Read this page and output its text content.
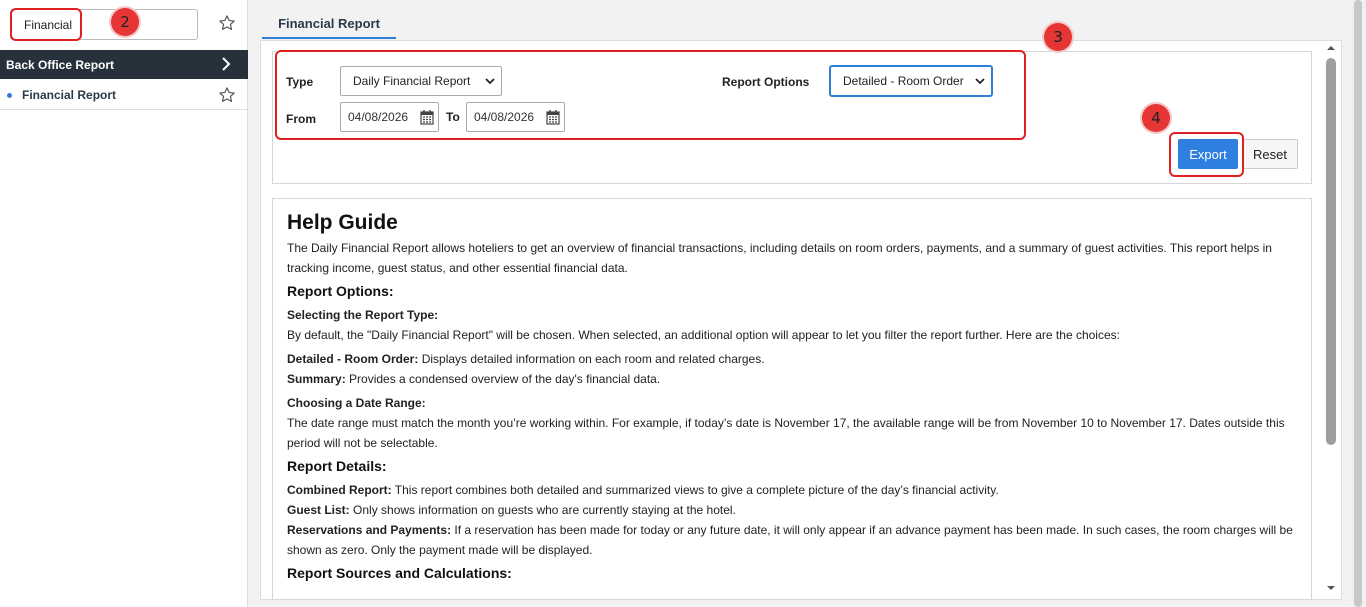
Financial
Back Office Report
Financial Report
Financial Report
Type	Daily Financial Report	Report Options	Detailed - Room Order
From	04/08/2026	To 04/08/2026
Export	Reset
Help Guide

The Daily Financial Report allows hoteliers to get an overview of financial transactions, including details on room orders, payments, and a summary of guest activities. This report helps in tracking income, guest status, and other essential financial data.

Report Options:

Selecting the Report Type:

By default, the "Daily Financial Report" will be chosen. When selected, an additional option will appear to let you filter the report further. Here are the choices:

Detailed - Room Order: Displays detailed information on each room and related charges.

Summary: Provides a condensed overview of the day's financial data.

Choosing a Date Range:

The date range must match the month you’re working within. For example, if today’s date is November 17, the available range will be from November 10 to November 17. Dates outside this period will not be selectable.

Report Details:

Combined Report: This report combines both detailed and summarized views to give a complete picture of the day’s financial activity.

Guest List: Only shows information on guests who are currently staying at the hotel.

Reservations and Payments: If a reservation has been made for today or any future date, it will only appear if an advance payment has been made. In such cases, the room charges will be shown as zero. Only the payment made will be displayed.

Report Sources and Calculations:
2
3
4
